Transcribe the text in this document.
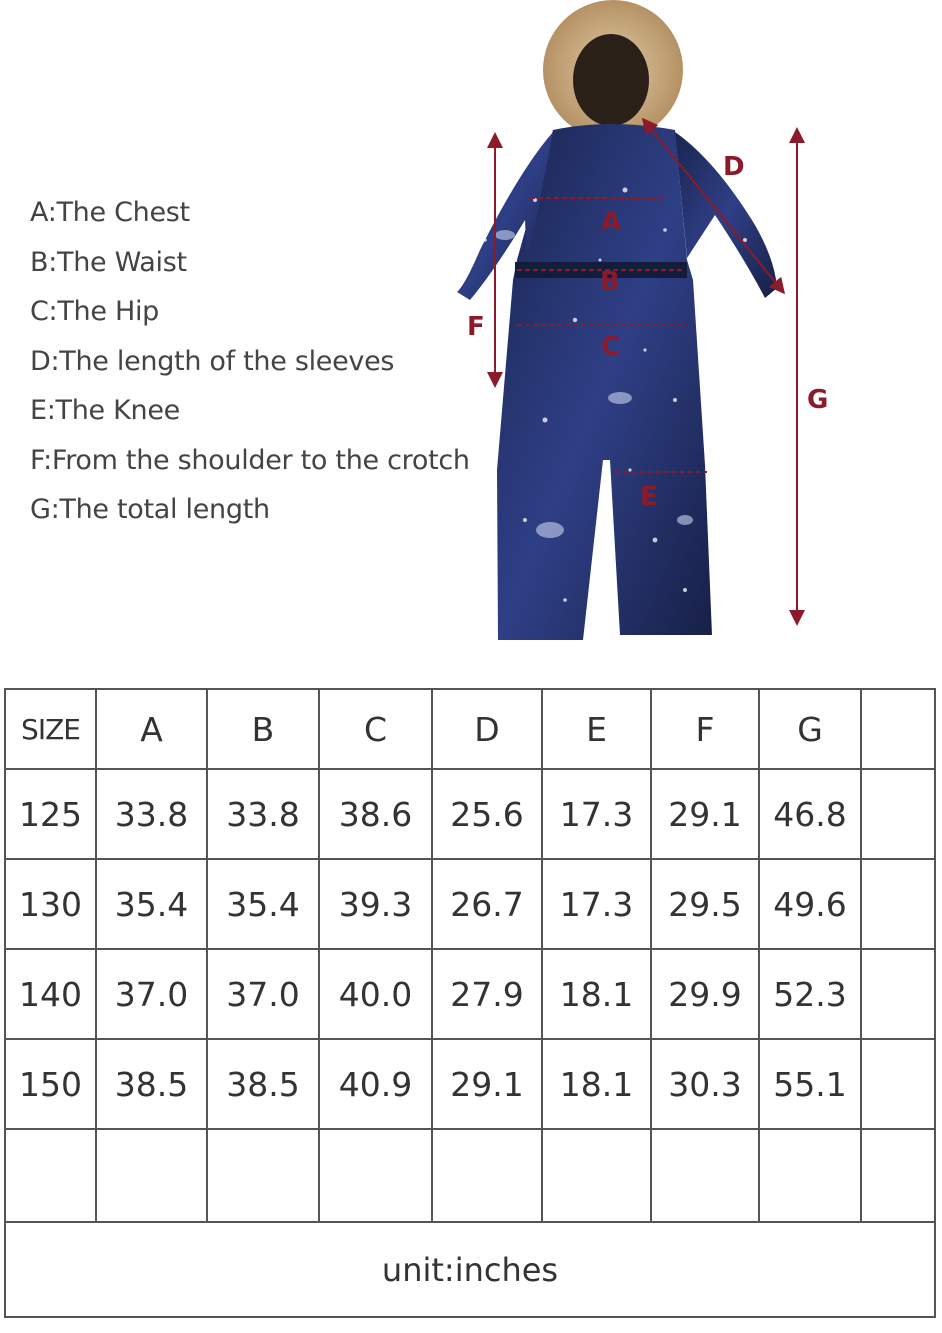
A:The Chest
B:The Waist
C:The Hip
D:The length of the sleeves
E:The Knee
F:From the shoulder to the crotch
G:The total length
A
B
C
D
E
F
G
SIZE	A	B	C	D	E	F	G	
125	33.8	33.8	38.6	25.6	17.3	29.1	46.8	
130	35.4	35.4	39.3	26.7	17.3	29.5	49.6	
140	37.0	37.0	40.0	27.9	18.1	29.9	52.3	
150	38.5	38.5	40.9	29.1	18.1	30.3	55.1	

unit:inches								
